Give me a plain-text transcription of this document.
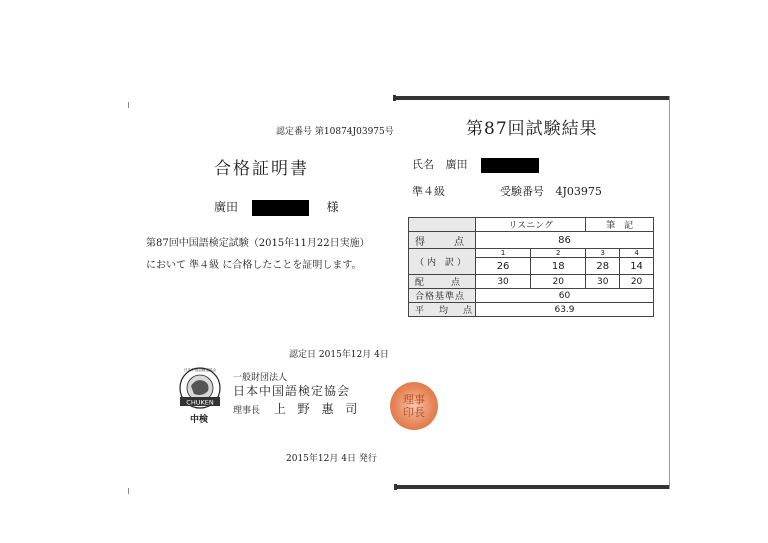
認定番号 第10874J03975号
合格証明書
廣田	様
第87回中国語検定試験（2015年11月22日実施）
において 準４級 に合格したことを証明します。
認定日 2015年12月 4日
CHUKEN
日本中国語検定協会
中検
一般財団法人
日本中国語検定協会
理事長 上 野 惠 司
理事
印長
2015年12月 4日 発行
第87回試験結果
氏名 廣田
準４級	受験番号 4J03975
	リスニング		筆　記	
得　　点	86			
（内 訳）	1	2	3	4
	26	18	28	14
配　　点	30	20	30	20
合格基準点	60			
平　均　点	63.9			
